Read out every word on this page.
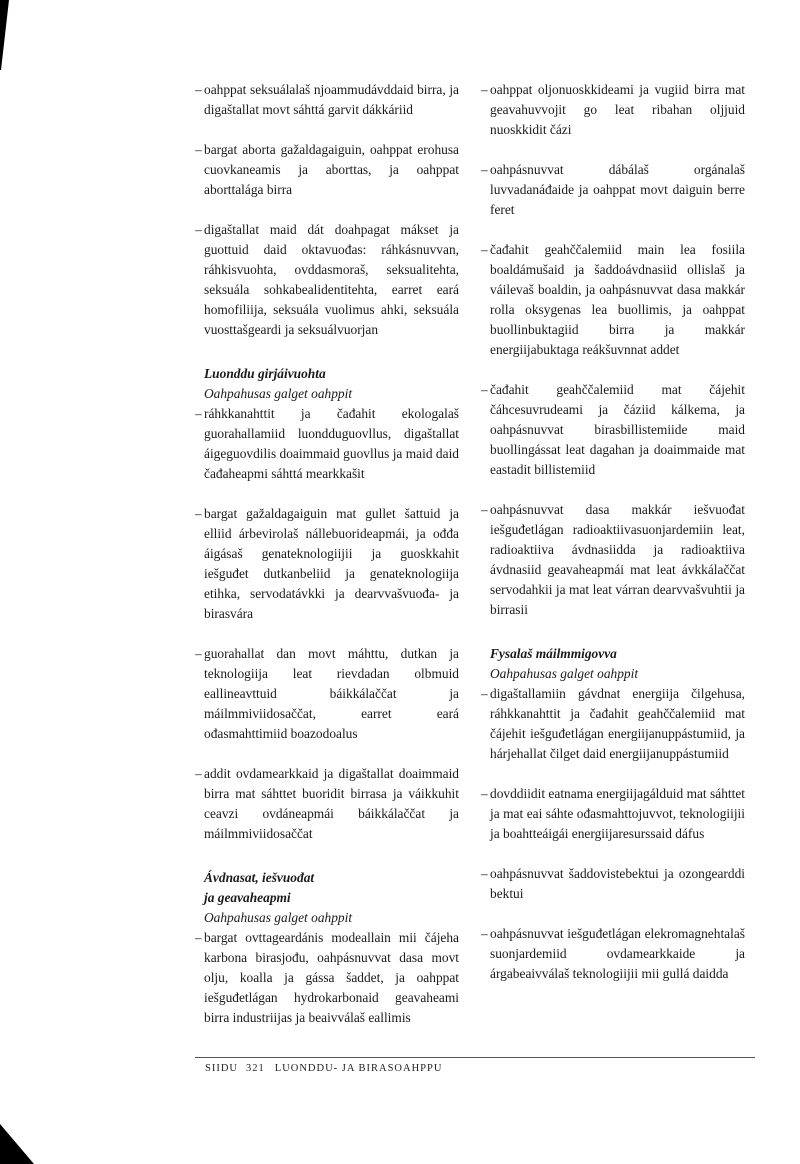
– oahppat seksuálalaš njoammudávddaid birra, ja digaštallat movt sáhttá garvit dákkáriid
– bargat aborta gažaldagaiguin, oahppat erohusa cuovkaneamis ja aborttas, ja oahppat aborttalága birra
– digaštallat maid dát doahpagat mákset ja guottuid daid oktavuođas: ráhkásnuvvan, ráhkisvuohta, ovddasmoraš, seksualitehta, seksuála sohkabealidentitehta, earret eará homofiliija, seksuála vuolimus ahki, seksuála vuosttašgeardi ja seksuálvuorjan
Luonddu girjáivuohta
Oahpahusas galget oahppit
– ráhkkanahttit ja čađahit ekologalaš guorahallamiid luondduguovllus, digaštallat áigeguovdilis doaimmaid guovllus ja maid daid čađaheapmi sáhttá mearkkašit
– bargat gažaldagaiguin mat gullet šattuid ja elliid árbevirolaš nállebuorideapmái, ja ođđa áigásaš genateknologiijii ja guoskkahit iešguđet dutkanbeliid ja genateknologiija etihka, servodatávkki ja dearvvašvuođa- ja birasvára
– guorahallat dan movt máhttu, dutkan ja teknologiija leat rievdadan olbmuid eallineavttuid báikkálaččat ja máilmmiviidosaččat, earret eará ođasmahttimiid boazodoalus
– addit ovdamearkkaid ja digaštallat doaimmaid birra mat sáhttet buoridit birrasa ja váikkuhit ceavzi ovdáneapmái báikkálaččat ja máilmmiviidosaččat
Ávdnasat, iešvuođat
ja geavaheapmi
Oahpahusas galget oahppit
– bargat ovttageardánis modeallain mii čájeha karbona birasjođu, oahpásnuvvat dasa movt olju, koalla ja gássa šaddet, ja oahppat iešguđetlágan hydrokarbonaid geavaheami birra industriijas ja beaivválaš eallimis
– oahppat oljonuoskkideami ja vugiid birra mat geavahuvvojit go leat ribahan oljjuid nuoskkidit čázi
– oahpásnuvvat dábálaš orgánalaš luvvadanáđaide ja oahppat movt daiguin berre feret
– čađahit geahččalemiid main lea fosiila boaldámušaid ja šaddoávdnasiid ollislaš ja váilevaš boaldin, ja oahpásnuvvat dasa makkár rolla oksygenas lea buollimis, ja oahppat buollinbuktagiid birra ja makkár energiijabuktaga reákšuvnnat addet
– čađahit geahččalemiid mat čájehit čáhcesuvrudeami ja čáziid kálkema, ja oahpásnuvvat birasbillistemiide maid buollingássat leat dagahan ja doaimmaide mat eastadit billistemiid
– oahpásnuvvat dasa makkár iešvuođat iešguđetlágan radioaktiivasuonjardemiin leat, radioaktiiva ávdnasiidda ja radioaktiiva ávdnasiid geavaheapmái mat leat ávkkálaččat servodahkii ja mat leat várran dearvvašvuhtii ja birrasii
Fysalaš máilmmigovva
Oahpahusas galget oahppit
– digaštallamiin gávdnat energiija čilgehusa, ráhkkanahttit ja čađahit geahččalemiid mat čájehit iešguđetlágan energiijanuppástumiid, ja hárjehallat čilget daid energiijanuppástumiid
– dovddiidit eatnama energiijagálduid mat sáhttet ja mat eai sáhte ođasmahttojuvvot, teknologiijii ja boahtteáigái energiijaresurssaid dáfus
– oahpásnuvvat šaddovistebektui ja ozongearddi bektui
– oahpásnuvvat iešguđetlágan elekromagnehtalaš suonjardemiid ovdamearkkaide ja árgabeaivválaš teknologiijii mii gullá daidda
SIIDU 321 LUONDDU- JA BIRASOAHPPU
